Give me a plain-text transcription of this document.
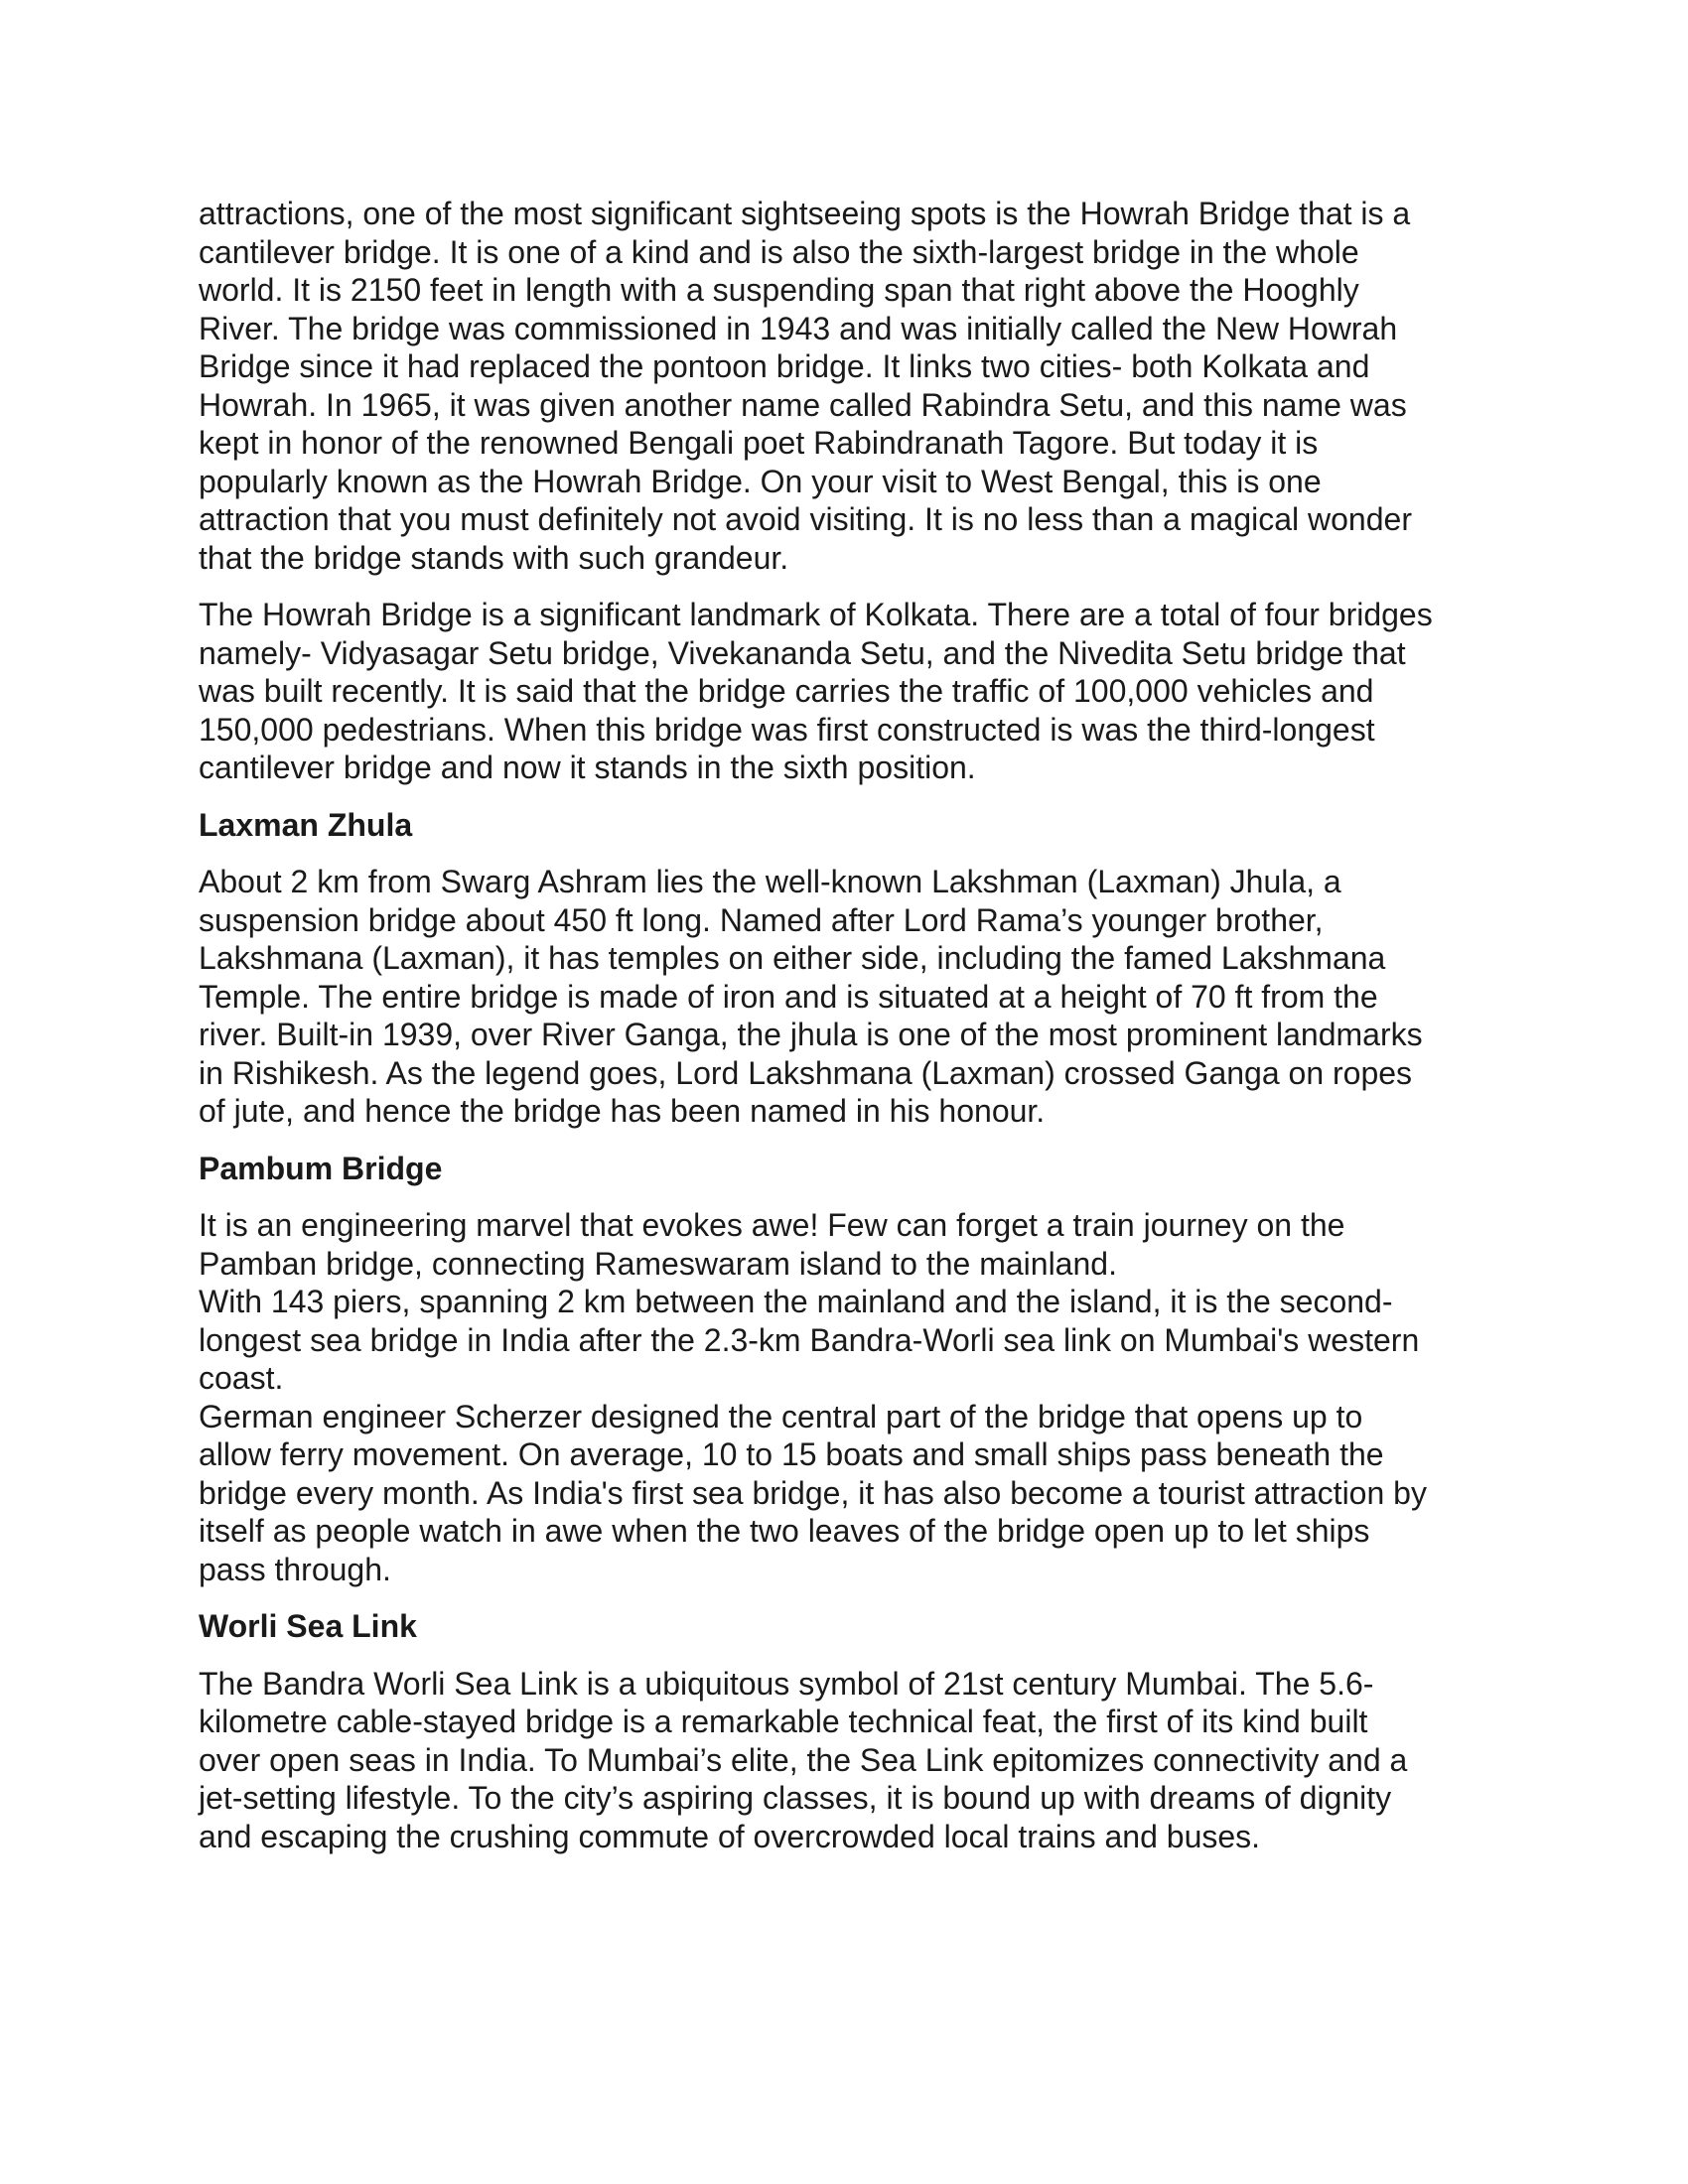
attractions, one of the most significant sightseeing spots is the Howrah Bridge that is a
cantilever bridge. It is one of a kind and is also the sixth-largest bridge in the whole
world. It is 2150 feet in length with a suspending span that right above the Hooghly
River. The bridge was commissioned in 1943 and was initially called the New Howrah
Bridge since it had replaced the pontoon bridge. It links two cities- both Kolkata and
Howrah. In 1965, it was given another name called Rabindra Setu, and this name was
kept in honor of the renowned Bengali poet Rabindranath Tagore. But today it is
popularly known as the Howrah Bridge. On your visit to West Bengal, this is one
attraction that you must definitely not avoid visiting. It is no less than a magical wonder
that the bridge stands with such grandeur.

The Howrah Bridge is a significant landmark of Kolkata. There are a total of four bridges
namely- Vidyasagar Setu bridge, Vivekananda Setu, and the Nivedita Setu bridge that
was built recently. It is said that the bridge carries the traffic of 100,000 vehicles and
150,000 pedestrians. When this bridge was first constructed is was the third-longest
cantilever bridge and now it stands in the sixth position.

Laxman Zhula

About 2 km from Swarg Ashram lies the well-known Lakshman (Laxman) Jhula, a
suspension bridge about 450 ft long. Named after Lord Rama’s younger brother,
Lakshmana (Laxman), it has temples on either side, including the famed Lakshmana
Temple. The entire bridge is made of iron and is situated at a height of 70 ft from the
river. Built-in 1939, over River Ganga, the jhula is one of the most prominent landmarks
in Rishikesh. As the legend goes, Lord Lakshmana (Laxman) crossed Ganga on ropes
of jute, and hence the bridge has been named in his honour.

Pambum Bridge

It is an engineering marvel that evokes awe! Few can forget a train journey on the
Pamban bridge, connecting Rameswaram island to the mainland.
With 143 piers, spanning 2 km between the mainland and the island, it is the second-
longest sea bridge in India after the 2.3-km Bandra-Worli sea link on Mumbai's western
coast.
German engineer Scherzer designed the central part of the bridge that opens up to
allow ferry movement. On average, 10 to 15 boats and small ships pass beneath the
bridge every month. As India's first sea bridge, it has also become a tourist attraction by
itself as people watch in awe when the two leaves of the bridge open up to let ships
pass through.

Worli Sea Link

The Bandra Worli Sea Link is a ubiquitous symbol of 21st century Mumbai. The 5.6-
kilometre cable-stayed bridge is a remarkable technical feat, the first of its kind built
over open seas in India. To Mumbai’s elite, the Sea Link epitomizes connectivity and a
jet-setting lifestyle. To the city’s aspiring classes, it is bound up with dreams of dignity
and escaping the crushing commute of overcrowded local trains and buses.
